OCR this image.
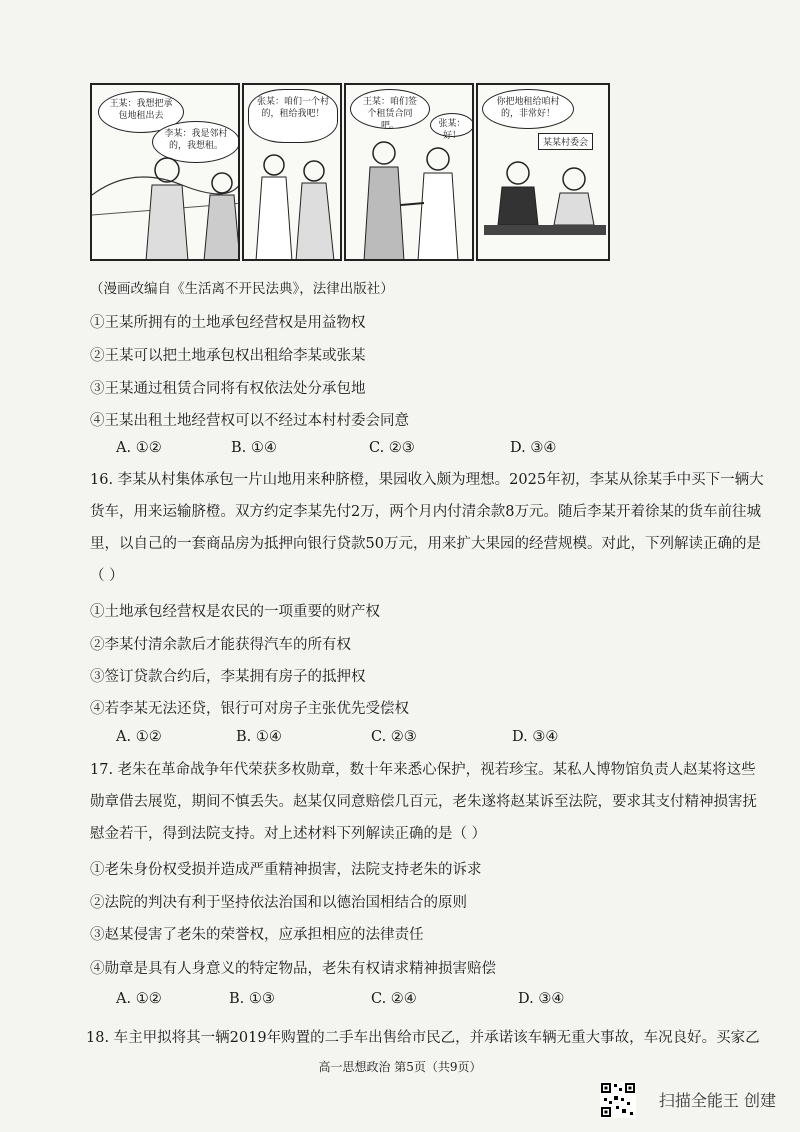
王某：我想把承包地租出去
李某：我是邻村的，我想租。
张某：咱们一个村的，租给我吧！
王某：咱们签个租赁合同吧。	张某：好！
你把地租给咱村的，非常好！
某某村委会
（漫画改编自《生活离不开民法典》，法律出版社）
①王某所拥有的土地承包经营权是用益物权
②王某可以把土地承包权出租给李某或张某
③王某通过租赁合同将有权依法处分承包地
④王某出租土地经营权可以不经过本村村委会同意
A. ①②	B. ①④	C. ②③	D. ③④
16. 李某从村集体承包一片山地用来种脐橙，果园收入颇为理想。2025年初，李某从徐某手中买下一辆大货车，用来运输脐橙。双方约定李某先付2万，两个月内付清余款8万元。随后李某开着徐某的货车前往城里，以自己的一套商品房为抵押向银行贷款50万元，用来扩大果园的经营规模。对此，下列解读正确的是（ ）
①土地承包经营权是农民的一项重要的财产权
②李某付清余款后才能获得汽车的所有权
③签订贷款合约后，李某拥有房子的抵押权
④若李某无法还贷，银行可对房子主张优先受偿权
A. ①②	B. ①④	C. ②③	D. ③④
17. 老朱在革命战争年代荣获多枚勋章，数十年来悉心保护，视若珍宝。某私人博物馆负责人赵某将这些勋章借去展览，期间不慎丢失。赵某仅同意赔偿几百元，老朱遂将赵某诉至法院，要求其支付精神损害抚慰金若干，得到法院支持。对上述材料下列解读正确的是（ ）
①老朱身份权受损并造成严重精神损害，法院支持老朱的诉求
②法院的判决有利于坚持依法治国和以德治国相结合的原则
③赵某侵害了老朱的荣誉权，应承担相应的法律责任
④勋章是具有人身意义的特定物品，老朱有权请求精神损害赔偿
A. ①②	B. ①③	C. ②④	D. ③④
18. 车主甲拟将其一辆2019年购置的二手车出售给市民乙，并承诺该车辆无重大事故，车况良好。买家乙
高一思想政治 第5页（共9页）
扫描全能王 创建
